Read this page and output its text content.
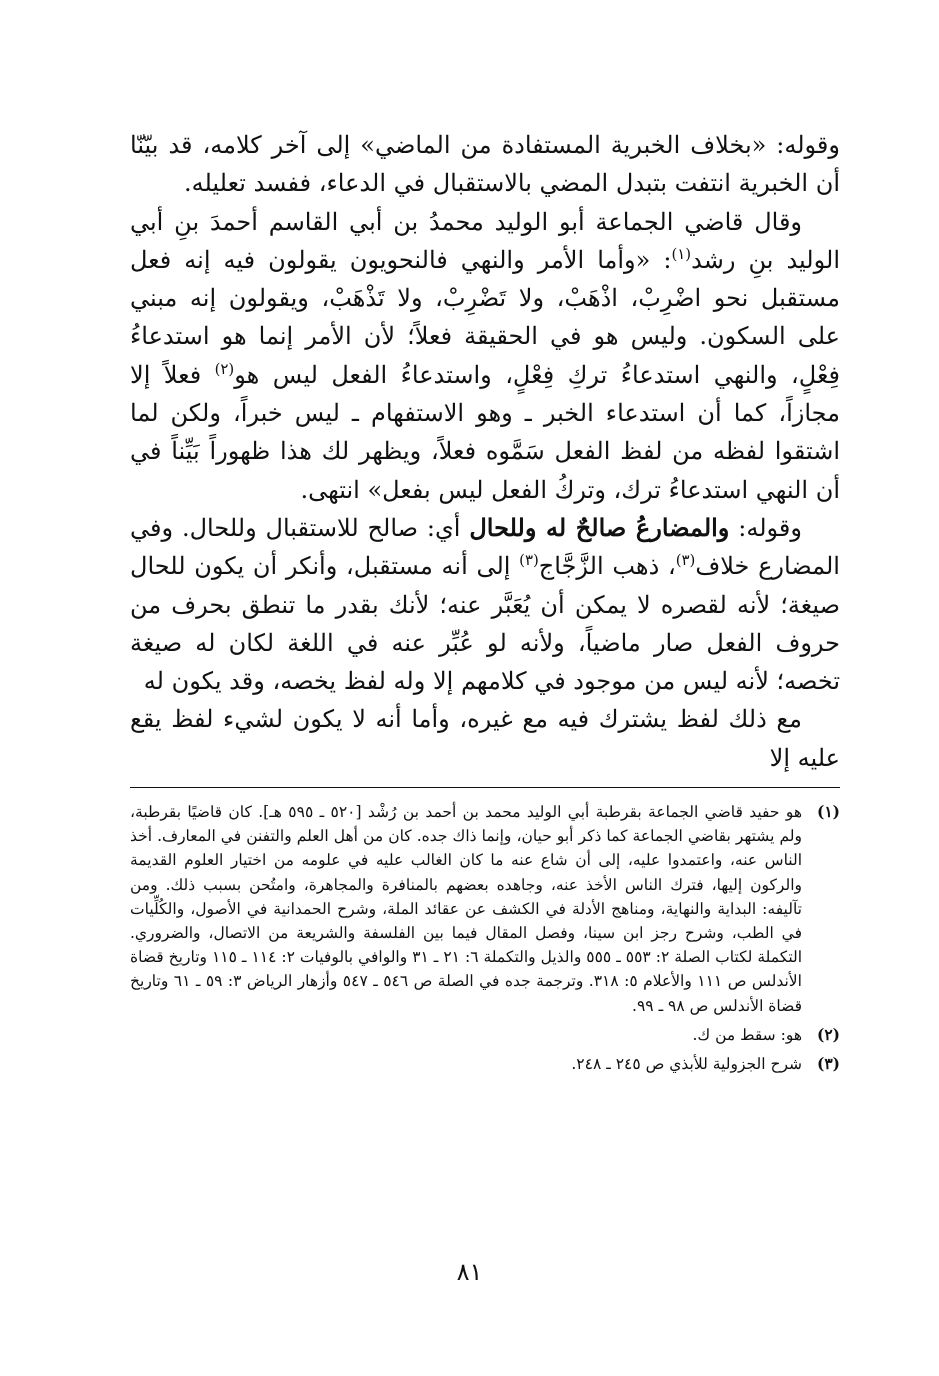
وقوله: «بخلاف الخبرية المستفادة من الماضي» إلى آخر كلامه، قد بيّنّا أن الخبرية انتفت بتبدل المضي بالاستقبال في الدعاء، ففسد تعليله.

وقال قاضي الجماعة أبو الوليد محمدُ بن أبي القاسم أحمدَ بنِ أبي الوليد بنِ رشد$^{(١)}$: «وأما الأمر والنهي فالنحويون يقولون فيه إنه فعل مستقبل نحو اضْرِبْ، اذْهَبْ، ولا تَضْرِبْ، ولا تَذْهَبْ، ويقولون إنه مبني على السكون. وليس هو في الحقيقة فعلاً؛ لأن الأمر إنما هو استدعاءُ فِعْلٍ، والنهي استدعاءُ تركِ فِعْلٍ، واستدعاءُ الفعل ليس هو$^{(٢)}$ فعلاً إلا مجازاً، كما أن استدعاء الخبر ـ وهو الاستفهام ـ ليس خبراً، ولكن لما اشتقوا لفظه من لفظ الفعل سَمَّوه فعلاً، ويظهر لك هذا ظهوراً بَيِّناً في أن النهي استدعاءُ ترك، وتركُ الفعل ليس بفعل» انتهى.

وقوله: والمضارعُ صالحٌ له وللحال أي: صالح للاستقبال وللحال. وفي المضارع خلاف$^{(٣)}$، ذهب الزَّجَّاج$^{(٣)}$ إلى أنه مستقبل، وأنكر أن يكون للحال صيغة؛ لأنه لقصره لا يمكن أن يُعَبَّر عنه؛ لأنك بقدر ما تنطق بحرف من حروف الفعل صار ماضياً، ولأنه لو عُبِّر عنه في اللغة لكان له صيغة تخصه؛ لأنه ليس من موجود في كلامهم إلا وله لفظ يخصه، وقد يكون له
مع ذلك لفظ يشترك فيه مع غيره، وأما أنه لا يكون لشيء لفظ يقع عليه إلا

(١)
هو حفيد قاضي الجماعة بقرطبة أبي الوليد محمد بن أحمد بن رُشْد [٥٢٠ ـ ٥٩٥ هـ]. كان قاضيًا بقرطبة، ولم يشتهر بقاضي الجماعة كما ذكر أبو حيان، وإنما ذاك جده. كان من أهل العلم والتفنن في المعارف. أخذ الناس عنه، واعتمدوا عليه، إلى أن شاع عنه ما كان الغالب عليه في علومه من اختيار العلوم القديمة والركون إليها، فترك الناس الأخذ عنه، وجاهده بعضهم بالمنافرة والمجاهرة، وامتُحن بسبب ذلك. ومن تآليفه: البداية والنهاية، ومناهج الأدلة في الكشف عن عقائد الملة، وشرح الحمدانية في الأصول، والكُلِّيات في الطب، وشرح رجز ابن سينا، وفصل المقال فيما بين الفلسفة والشريعة من الاتصال، والضروري. التكملة لكتاب الصلة ٢: ٥٥٣ ـ ٥٥٥ والذيل والتكملة ٦: ٢١ ـ ٣١ والوافي بالوفيات ٢: ١١٤ ـ ١١٥ وتاريخ قضاة الأندلس ص ١١١ والأعلام ٥: ٣١٨. وترجمة جده في الصلة ص ٥٤٦ ـ ٥٤٧ وأزهار الرياض ٣: ٥٩ ـ ٦١ وتاريخ قضاة الأندلس ص ٩٨ ـ ٩٩.
(٢)
هو: سقط من ك.
(٣)
شرح الجزولية للأبذي ص ٢٤٥ ـ ٢٤٨.
٨١
